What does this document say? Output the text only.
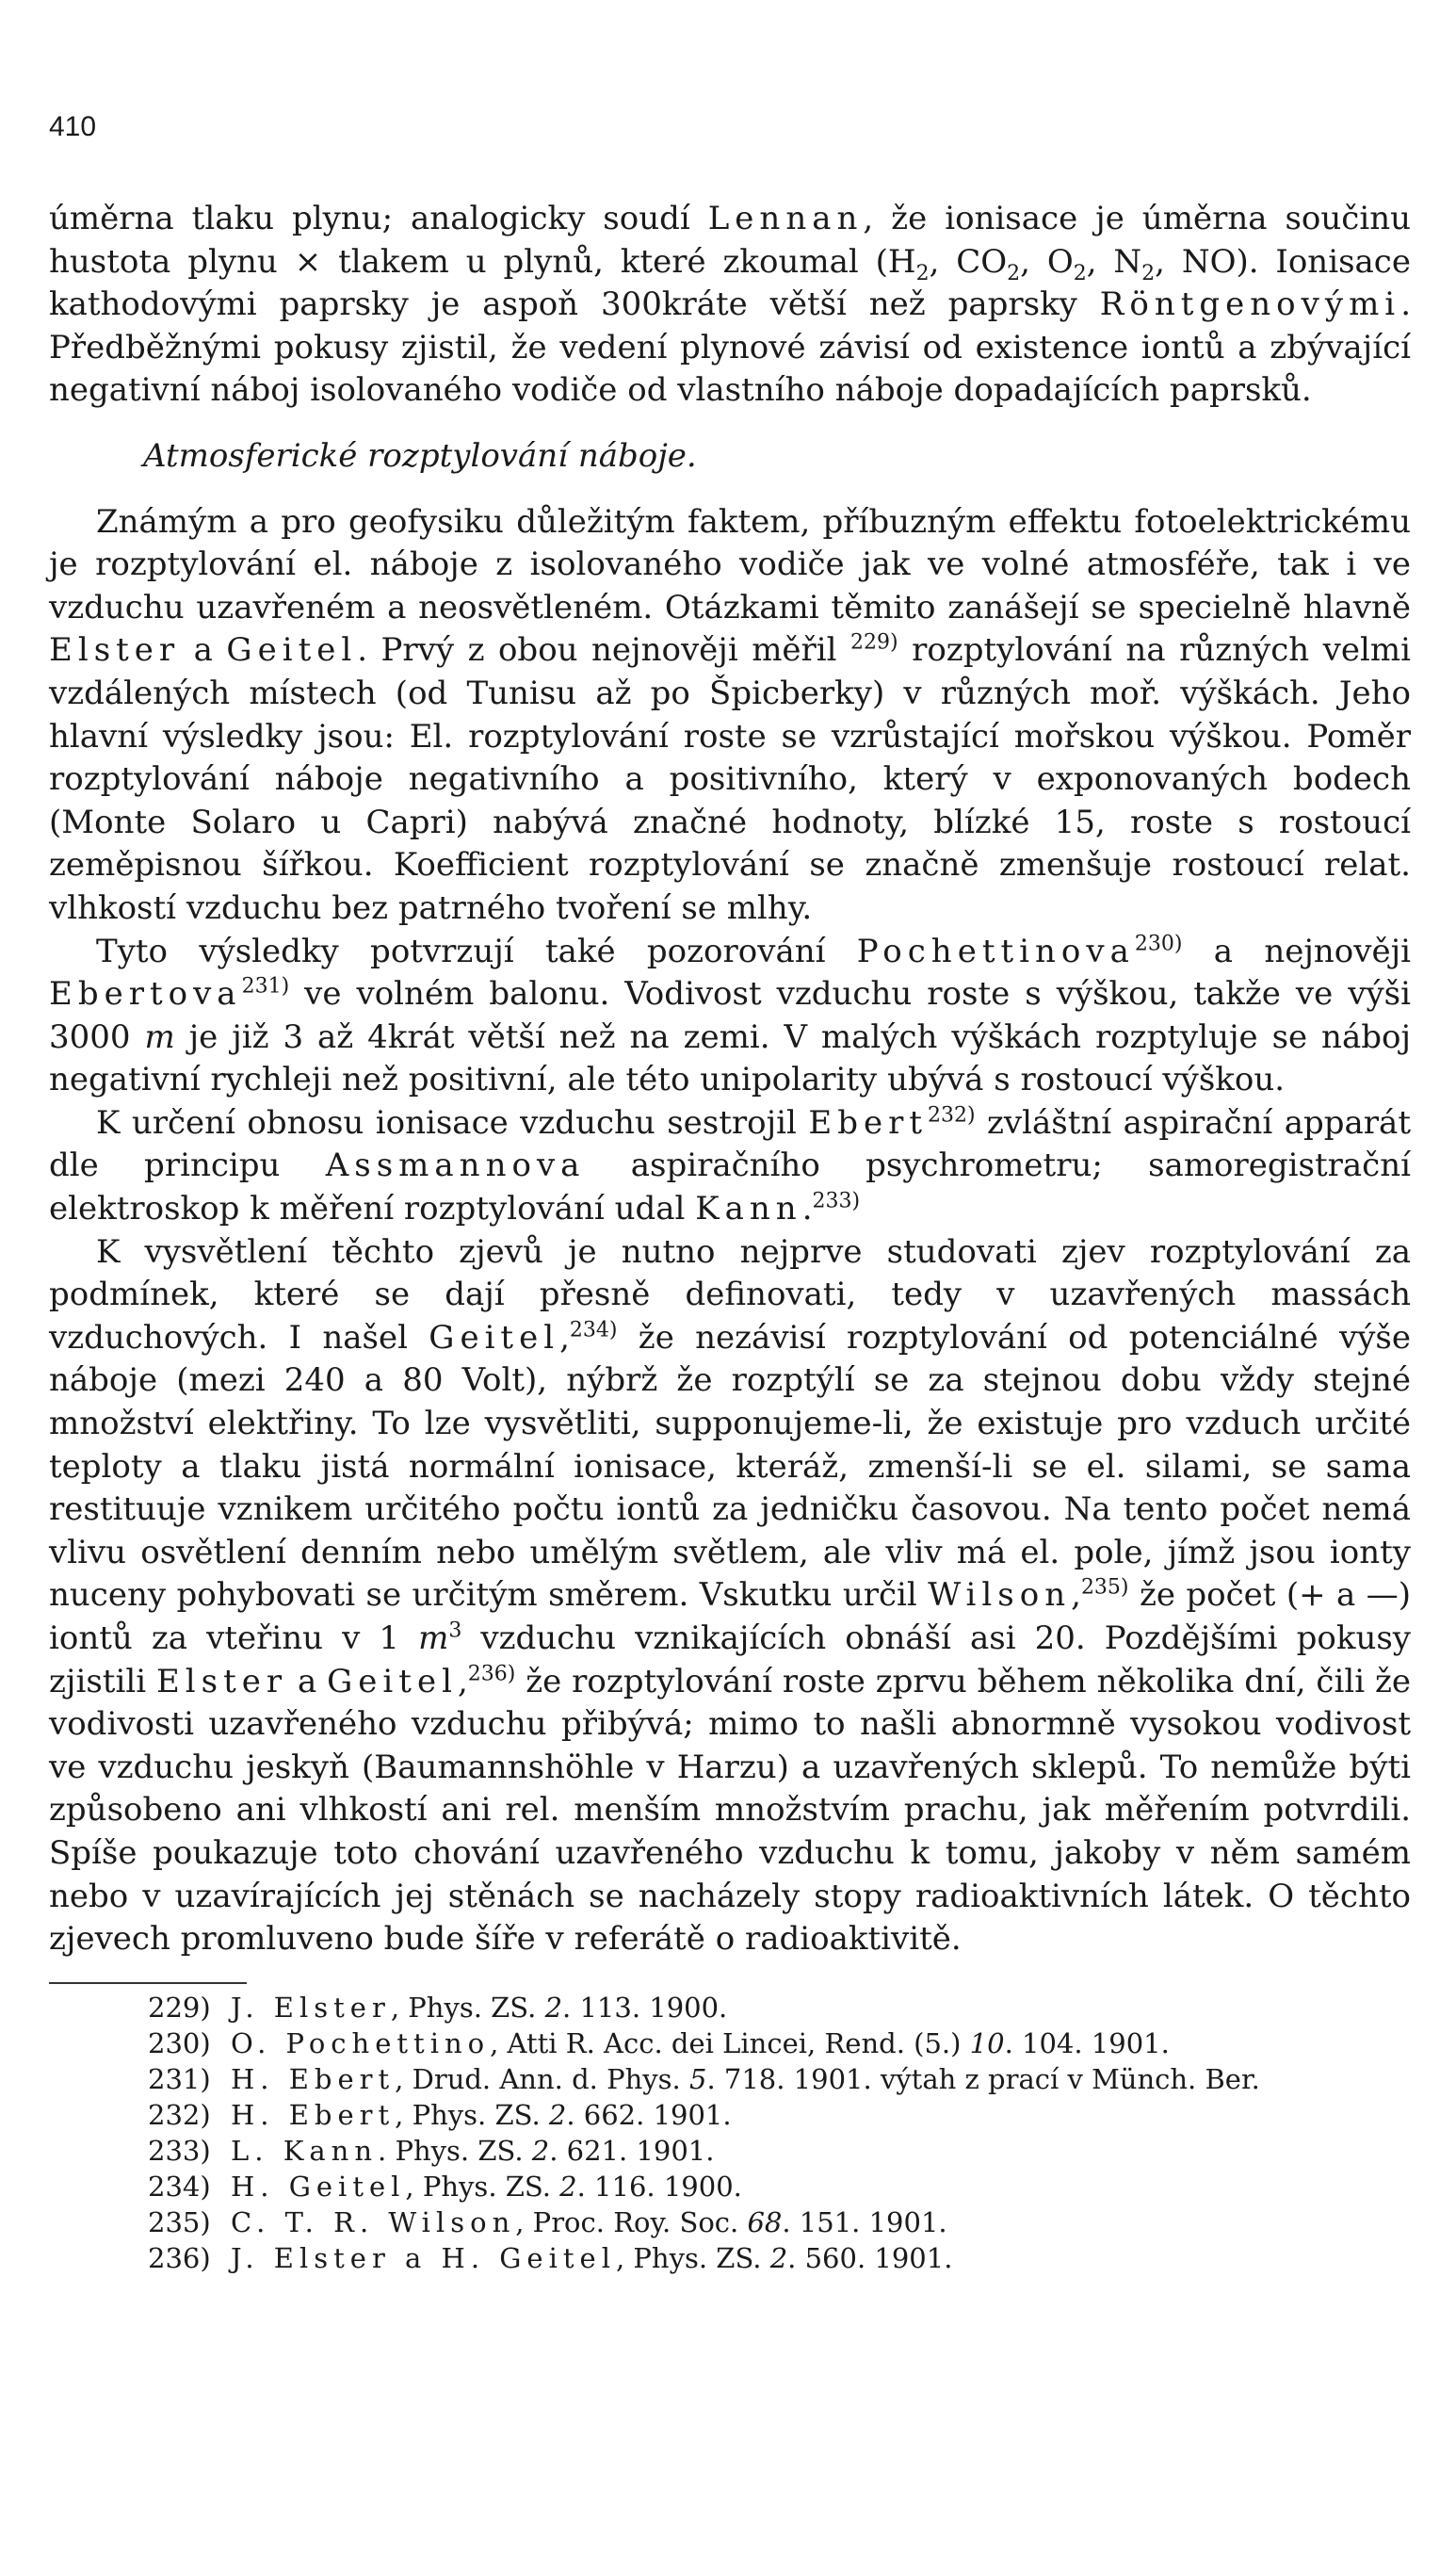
410

úměrna tlaku plynu; analogicky soudí Lennan, že ionisace je úměrna součinu hustota plynu × tlakem u plynů, které zkoumal ($H_2$, $CO_2$, $O_2$, $N_2$, NO). Ionisace kathodovými paprsky je aspoň 300kráte větší než paprsky Röntgenovými. Předběžnými pokusy zjistil, že vedení plynové závisí od existence iontů a zbývající negativní náboj isolovaného vodiče od vlastního náboje dopadajících paprsků.

Atmosferické rozptylování náboje.

Známým a pro geofysiku důležitým faktem, příbuzným effektu fotoelektrickému je rozptylování el. náboje z isolovaného vodiče jak ve volné atmosféře, tak i ve vzduchu uzavřeném a neosvětleném. Otázkami těmito zanášejí se specielně hlavně Elster a Geitel. Prvý z obou nejnověji měřil $^{229)}$ rozptylování na různých velmi vzdálených místech (od Tunisu až po Špicberky) v různých moř. výškách. Jeho hlavní výsledky jsou: El. rozptylování roste se vzrůstající mořskou výškou. Poměr rozptylování náboje negativního a positivního, který v exponovaných bodech (Monte Solaro u Capri) nabývá značné hodnoty, blízké 15, roste s rostoucí zeměpisnou šířkou. Koefficient rozptylování se značně zmenšuje rostoucí relat. vlhkostí vzduchu bez patrného tvoření se mlhy.

Tyto výsledky potvrzují také pozorování Pochettinova$^{230)}$ a nejnověji Ebertova$^{231)}$ ve volném balonu. Vodivost vzduchu roste s výškou, takže ve výši 3000 m je již 3 až 4krát větší než na zemi. V malých výškách rozptyluje se náboj negativní rychleji než positivní, ale této unipolarity ubývá s rostoucí výškou.

K určení obnosu ionisace vzduchu sestrojil Ebert$^{232)}$ zvláštní aspirační apparát dle principu Assmannova aspiračního psychrometru; samoregistrační elektroskop k měření rozptylování udal Kann.$^{233)}$

K vysvětlení těchto zjevů je nutno nejprve studovati zjev rozptylování za podmínek, které se dají přesně definovati, tedy v uzavřených massách vzduchových. I našel Geitel,$^{234)}$ že nezávisí rozptylování od potenciálné výše náboje (mezi 240 a 80 Volt), nýbrž že rozptýlí se za stejnou dobu vždy stejné množství elektřiny. To lze vysvětliti, supponujeme-li, že existuje pro vzduch určité teploty a tlaku jistá normální ionisace, kteráž, zmenší-li se el. silami, se sama restituuje vznikem určitého počtu iontů za jedničku časovou. Na tento počet nemá vlivu osvětlení denním nebo umělým světlem, ale vliv má el. pole, jímž jsou ionty nuceny pohybovati se určitým směrem. Vskutku určil Wilson,$^{235)}$ že počet (+ a —) iontů za vteřinu v 1 $m^3$ vzduchu vznikajících obnáší asi 20. Pozdějšími pokusy zjistili Elster a Geitel,$^{236)}$ že rozptylování roste zprvu během několika dní, čili že vodivosti uzavřeného vzduchu přibývá; mimo to našli abnormně vysokou vodivost ve vzduchu jeskyň (Baumannshöhle v Harzu) a uzavřených sklepů. To nemůže býti způsobeno ani vlhkostí ani rel. menším množstvím prachu, jak měřením potvrdili. Spíše poukazuje toto chování uzavřeného vzduchu k tomu, jakoby v něm samém nebo v uzavírajících jej stěnách se nacházely stopy radioaktivních látek. O těchto zjevech promluveno bude šíře v referátě o radioaktivitě.

229) J. Elster, Phys. ZS. 2. 113. 1900.
230) O. Pochettino, Atti R. Acc. dei Lincei, Rend. (5.) 10. 104. 1901.
231) H. Ebert, Drud. Ann. d. Phys. 5. 718. 1901. výtah z prací v Münch. Ber.
232) H. Ebert, Phys. ZS. 2. 662. 1901.
233) L. Kann. Phys. ZS. 2. 621. 1901.
234) H. Geitel, Phys. ZS. 2. 116. 1900.
235) C. T. R. Wilson, Proc. Roy. Soc. 68. 151. 1901.
236) J. Elster a H. Geitel, Phys. ZS. 2. 560. 1901.
